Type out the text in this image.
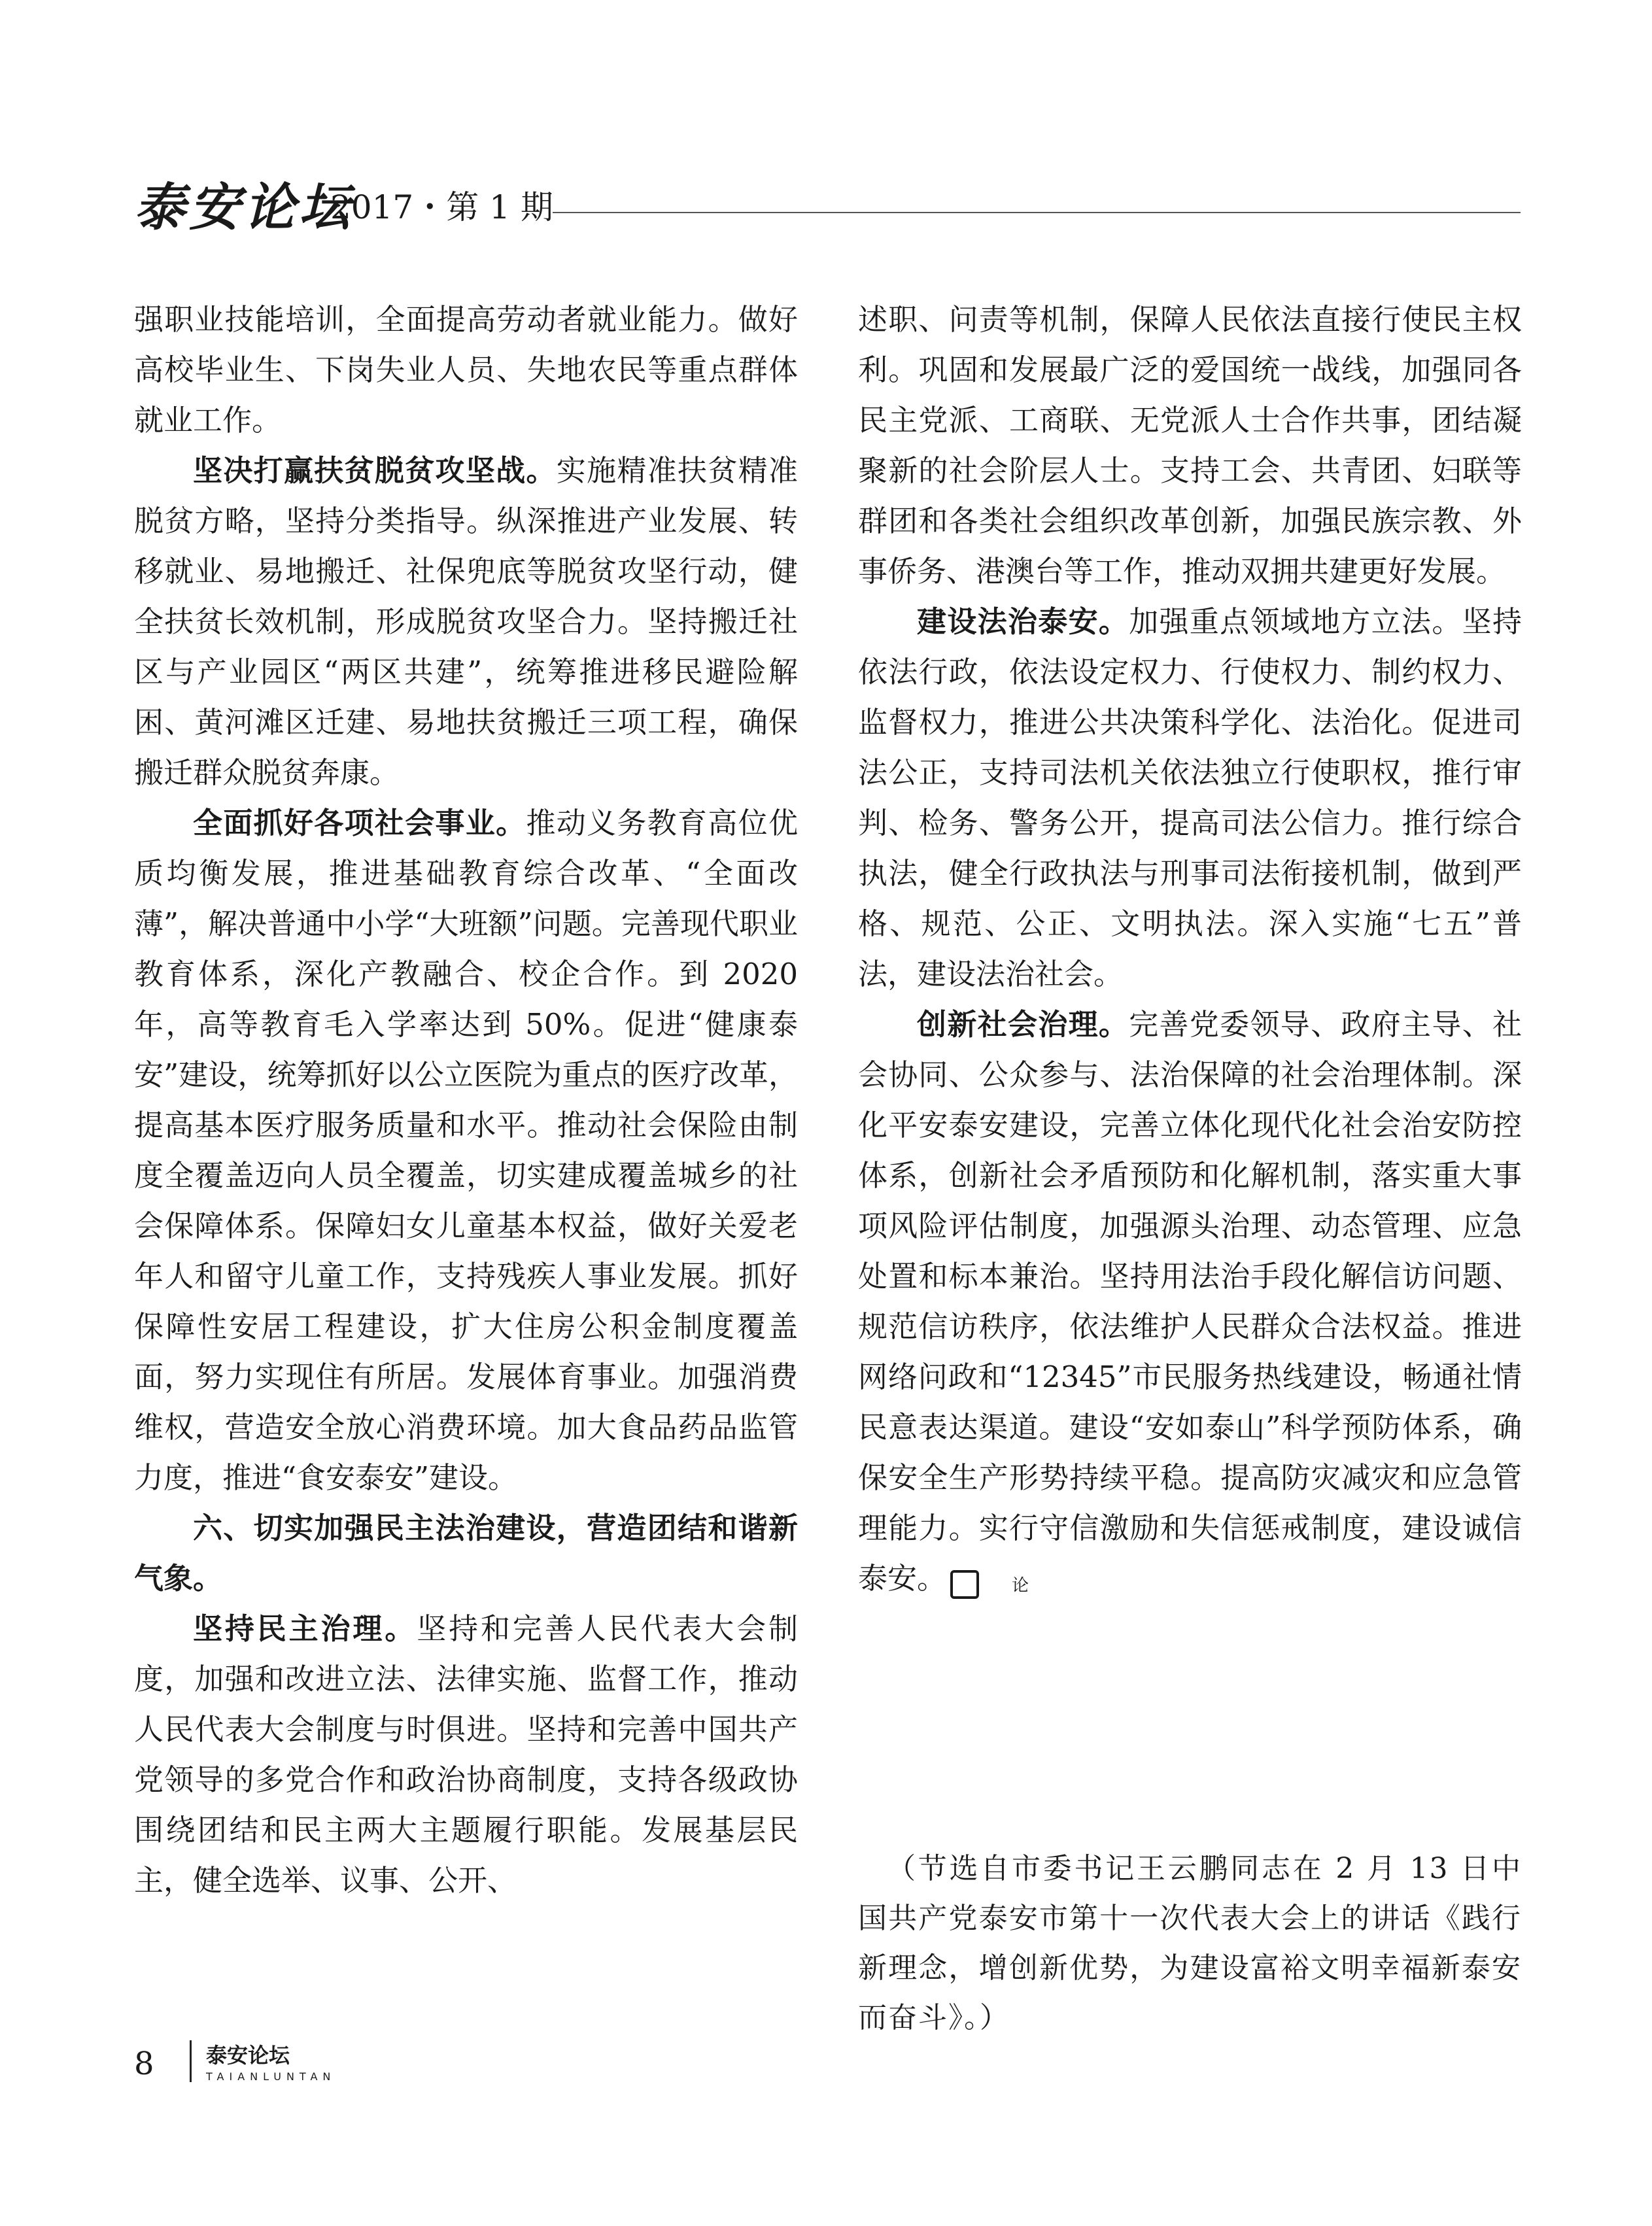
泰安论坛
2017・第 1 期

强职业技能培训，全面提高劳动者就业能力。做好高校毕业生、下岗失业人员、失地农民等重点群体就业工作。

坚决打赢扶贫脱贫攻坚战。实施精准扶贫精准脱贫方略，坚持分类指导。纵深推进产业发展、转移就业、易地搬迁、社保兜底等脱贫攻坚行动，健全扶贫长效机制，形成脱贫攻坚合力。坚持搬迁社区与产业园区“两区共建”，统筹推进移民避险解困、黄河滩区迁建、易地扶贫搬迁三项工程，确保搬迁群众脱贫奔康。

全面抓好各项社会事业。推动义务教育高位优质均衡发展，推进基础教育综合改革、“全面改薄”，解决普通中小学“大班额”问题。完善现代职业教育体系，深化产教融合、校企合作。到 2020 年，高等教育毛入学率达到 50%。促进“健康泰安”建设，统筹抓好以公立医院为重点的医疗改革，提高基本医疗服务质量和水平。推动社会保险由制度全覆盖迈向人员全覆盖，切实建成覆盖城乡的社会保障体系。保障妇女儿童基本权益，做好关爱老年人和留守儿童工作，支持残疾人事业发展。抓好保障性安居工程建设，扩大住房公积金制度覆盖面，努力实现住有所居。发展体育事业。加强消费维权，营造安全放心消费环境。加大食品药品监管力度，推进“食安泰安”建设。

六、切实加强民主法治建设，营造团结和谐新气象。

坚持民主治理。坚持和完善人民代表大会制度，加强和改进立法、法律实施、监督工作，推动人民代表大会制度与时俱进。坚持和完善中国共产党领导的多党合作和政治协商制度，支持各级政协围绕团结和民主两大主题履行职能。发展基层民主，健全选举、议事、公开、

述职、问责等机制，保障人民依法直接行使民主权利。巩固和发展最广泛的爱国统一战线，加强同各民主党派、工商联、无党派人士合作共事，团结凝聚新的社会阶层人士。支持工会、共青团、妇联等群团和各类社会组织改革创新，加强民族宗教、外事侨务、港澳台等工作，推动双拥共建更好发展。

建设法治泰安。加强重点领域地方立法。坚持依法行政，依法设定权力、行使权力、制约权力、监督权力，推进公共决策科学化、法治化。促进司法公正，支持司法机关依法独立行使职权，推行审判、检务、警务公开，提高司法公信力。推行综合执法，健全行政执法与刑事司法衔接机制，做到严格、规范、公正、文明执法。深入实施“七五”普法，建设法治社会。

创新社会治理。完善党委领导、政府主导、社会协同、公众参与、法治保障的社会治理体制。深化平安泰安建设，完善立体化现代化社会治安防控体系，创新社会矛盾预防和化解机制，落实重大事项风险评估制度，加强源头治理、动态管理、应急处置和标本兼治。坚持用法治手段化解信访问题、规范信访秩序，依法维护人民群众合法权益。推进网络问政和“12345”市民服务热线建设，畅通社情民意表达渠道。建设“安如泰山”科学预防体系，确保安全生产形势持续平稳。提高防灾减灾和应急管理能力。实行守信激励和失信惩戒制度，建设诚信泰安。	论

（节选自市委书记王云鹏同志在 2 月 13 日中国共产党泰安市第十一次代表大会上的讲话《践行新理念，增创新优势，为建设富裕文明幸福新泰安而奋斗》。）

8 泰安论坛
TAIANLUNTAN
